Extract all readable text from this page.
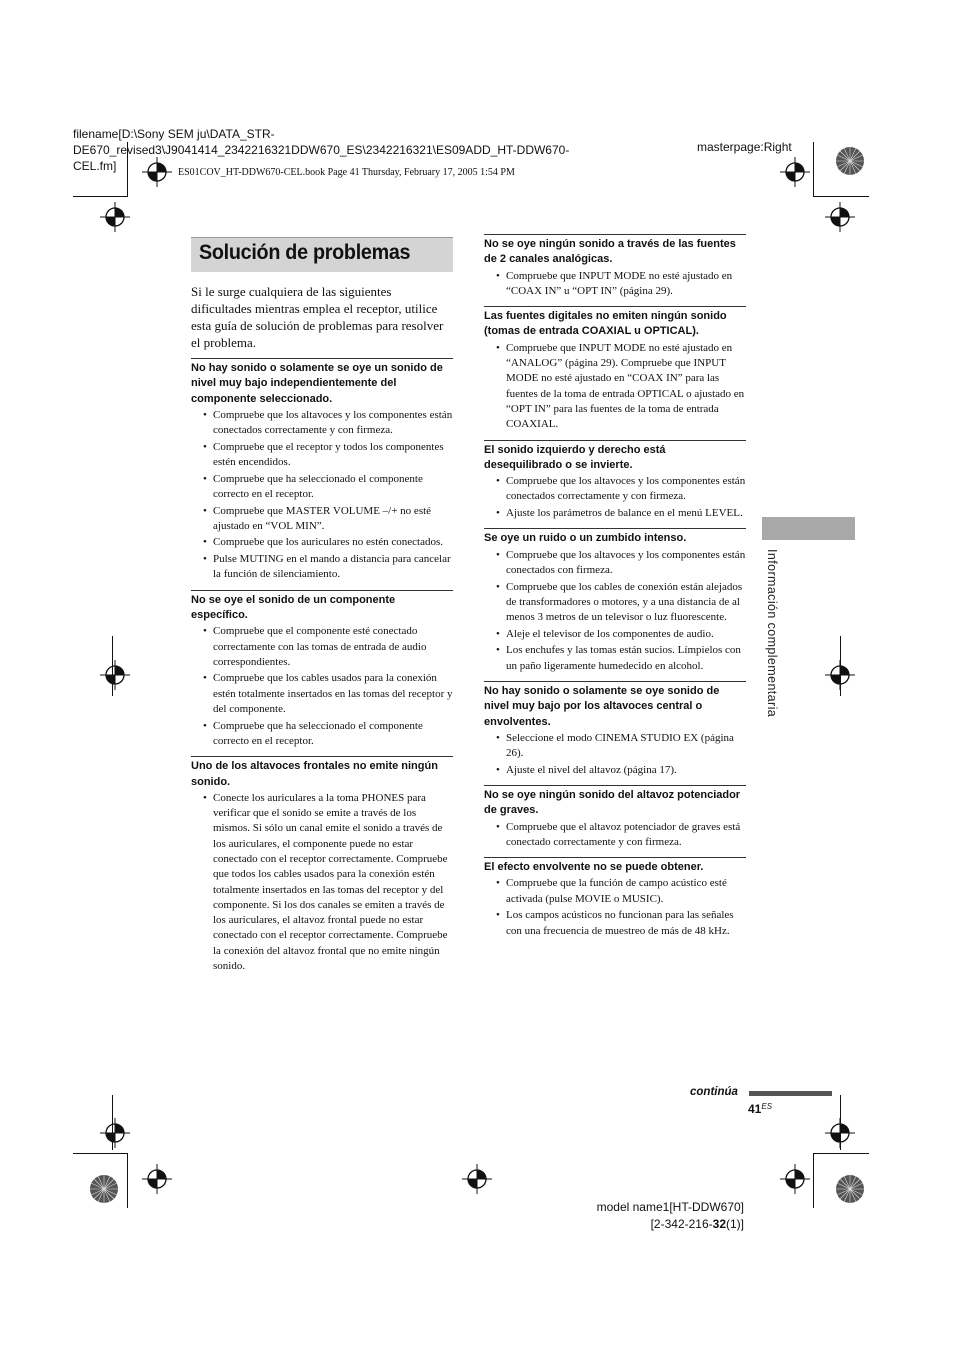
filename[D:\Sony SEM ju\DATA_STR-
DE670_revised3\J9041414_2342216321DDW670_ES\2342216321\ES09ADD_HT-DDW670-
CEL.fm]
masterpage:Right
ES01COV_HT-DDW670-CEL.book Page 41 Thursday, February 17, 2005 1:54 PM
Solución de problemas
Si le surge cualquiera de las siguientes dificultades mientras emplea el receptor, utilice esta guía de solución de problemas para resolver el problema.
No hay sonido o solamente se oye un sonido de nivel muy bajo independientemente del componente seleccionado.
• Compruebe que los altavoces y los componentes están conectados correctamente y con firmeza.
• Compruebe que el receptor y todos los componentes estén encendidos.
• Compruebe que ha seleccionado el componente correcto en el receptor.
• Compruebe que MASTER VOLUME –/+ no esté ajustado en “VOL MIN”.
• Compruebe que los auriculares no estén conectados.
• Pulse MUTING en el mando a distancia para cancelar la función de silenciamiento.
No se oye el sonido de un componente específico.
• Compruebe que el componente esté conectado correctamente con las tomas de entrada de audio correspondientes.
• Compruebe que los cables usados para la conexión estén totalmente insertados en las tomas del receptor y del componente.
• Compruebe que ha seleccionado el componente correcto en el receptor.
Uno de los altavoces frontales no emite ningún sonido.
• Conecte los auriculares a la toma PHONES para verificar que el sonido se emite a través de los mismos. Si sólo un canal emite el sonido a través de los auriculares, el componente puede no estar conectado con el receptor correctamente. Compruebe que todos los cables usados para la conexión estén totalmente insertados en las tomas del receptor y del componente. Si los dos canales se emiten a través de los auriculares, el altavoz frontal puede no estar conectado con el receptor correctamente. Compruebe la conexión del altavoz frontal que no emite ningún sonido.
No se oye ningún sonido a través de las fuentes de 2 canales analógicas.
• Compruebe que INPUT MODE no esté ajustado en “COAX IN” u “OPT IN” (página 29).
Las fuentes digitales no emiten ningún sonido (tomas de entrada COAXIAL u OPTICAL).
• Compruebe que INPUT MODE no esté ajustado en “ANALOG” (página 29). Compruebe que INPUT MODE no esté ajustado en “COAX IN” para las fuentes de la toma de entrada OPTICAL o ajustado en “OPT IN” para las fuentes de la toma de entrada COAXIAL.
El sonido izquierdo y derecho está desequilibrado o se invierte.
• Compruebe que los altavoces y los componentes están conectados correctamente y con firmeza.
• Ajuste los parámetros de balance en el menú LEVEL.
Se oye un ruido o un zumbido intenso.
• Compruebe que los altavoces y los componentes están conectados con firmeza.
• Compruebe que los cables de conexión están alejados de transformadores o motores, y a una distancia de al menos 3 metros de un televisor o luz fluorescente.
• Aleje el televisor de los componentes de audio.
• Los enchufes y las tomas están sucios. Límpielos con un paño ligeramente humedecido en alcohol.
No hay sonido o solamente se oye sonido de nivel muy bajo por los altavoces central o envolventes.
• Seleccione el modo CINEMA STUDIO EX (página 26).
• Ajuste el nivel del altavoz (página 17).
No se oye ningún sonido del altavoz potenciador de graves.
• Compruebe que el altavoz potenciador de graves está conectado correctamente y con firmeza.
El efecto envolvente no se puede obtener.
• Compruebe que la función de campo acústico esté activada (pulse MOVIE o MUSIC).
• Los campos acústicos no funcionan para las señales con una frecuencia de muestreo de más de 48 kHz.
Información complementaria
continúa
$41^{ES}$
model name1[HT-DDW670]
[2-342-216-32(1)]
